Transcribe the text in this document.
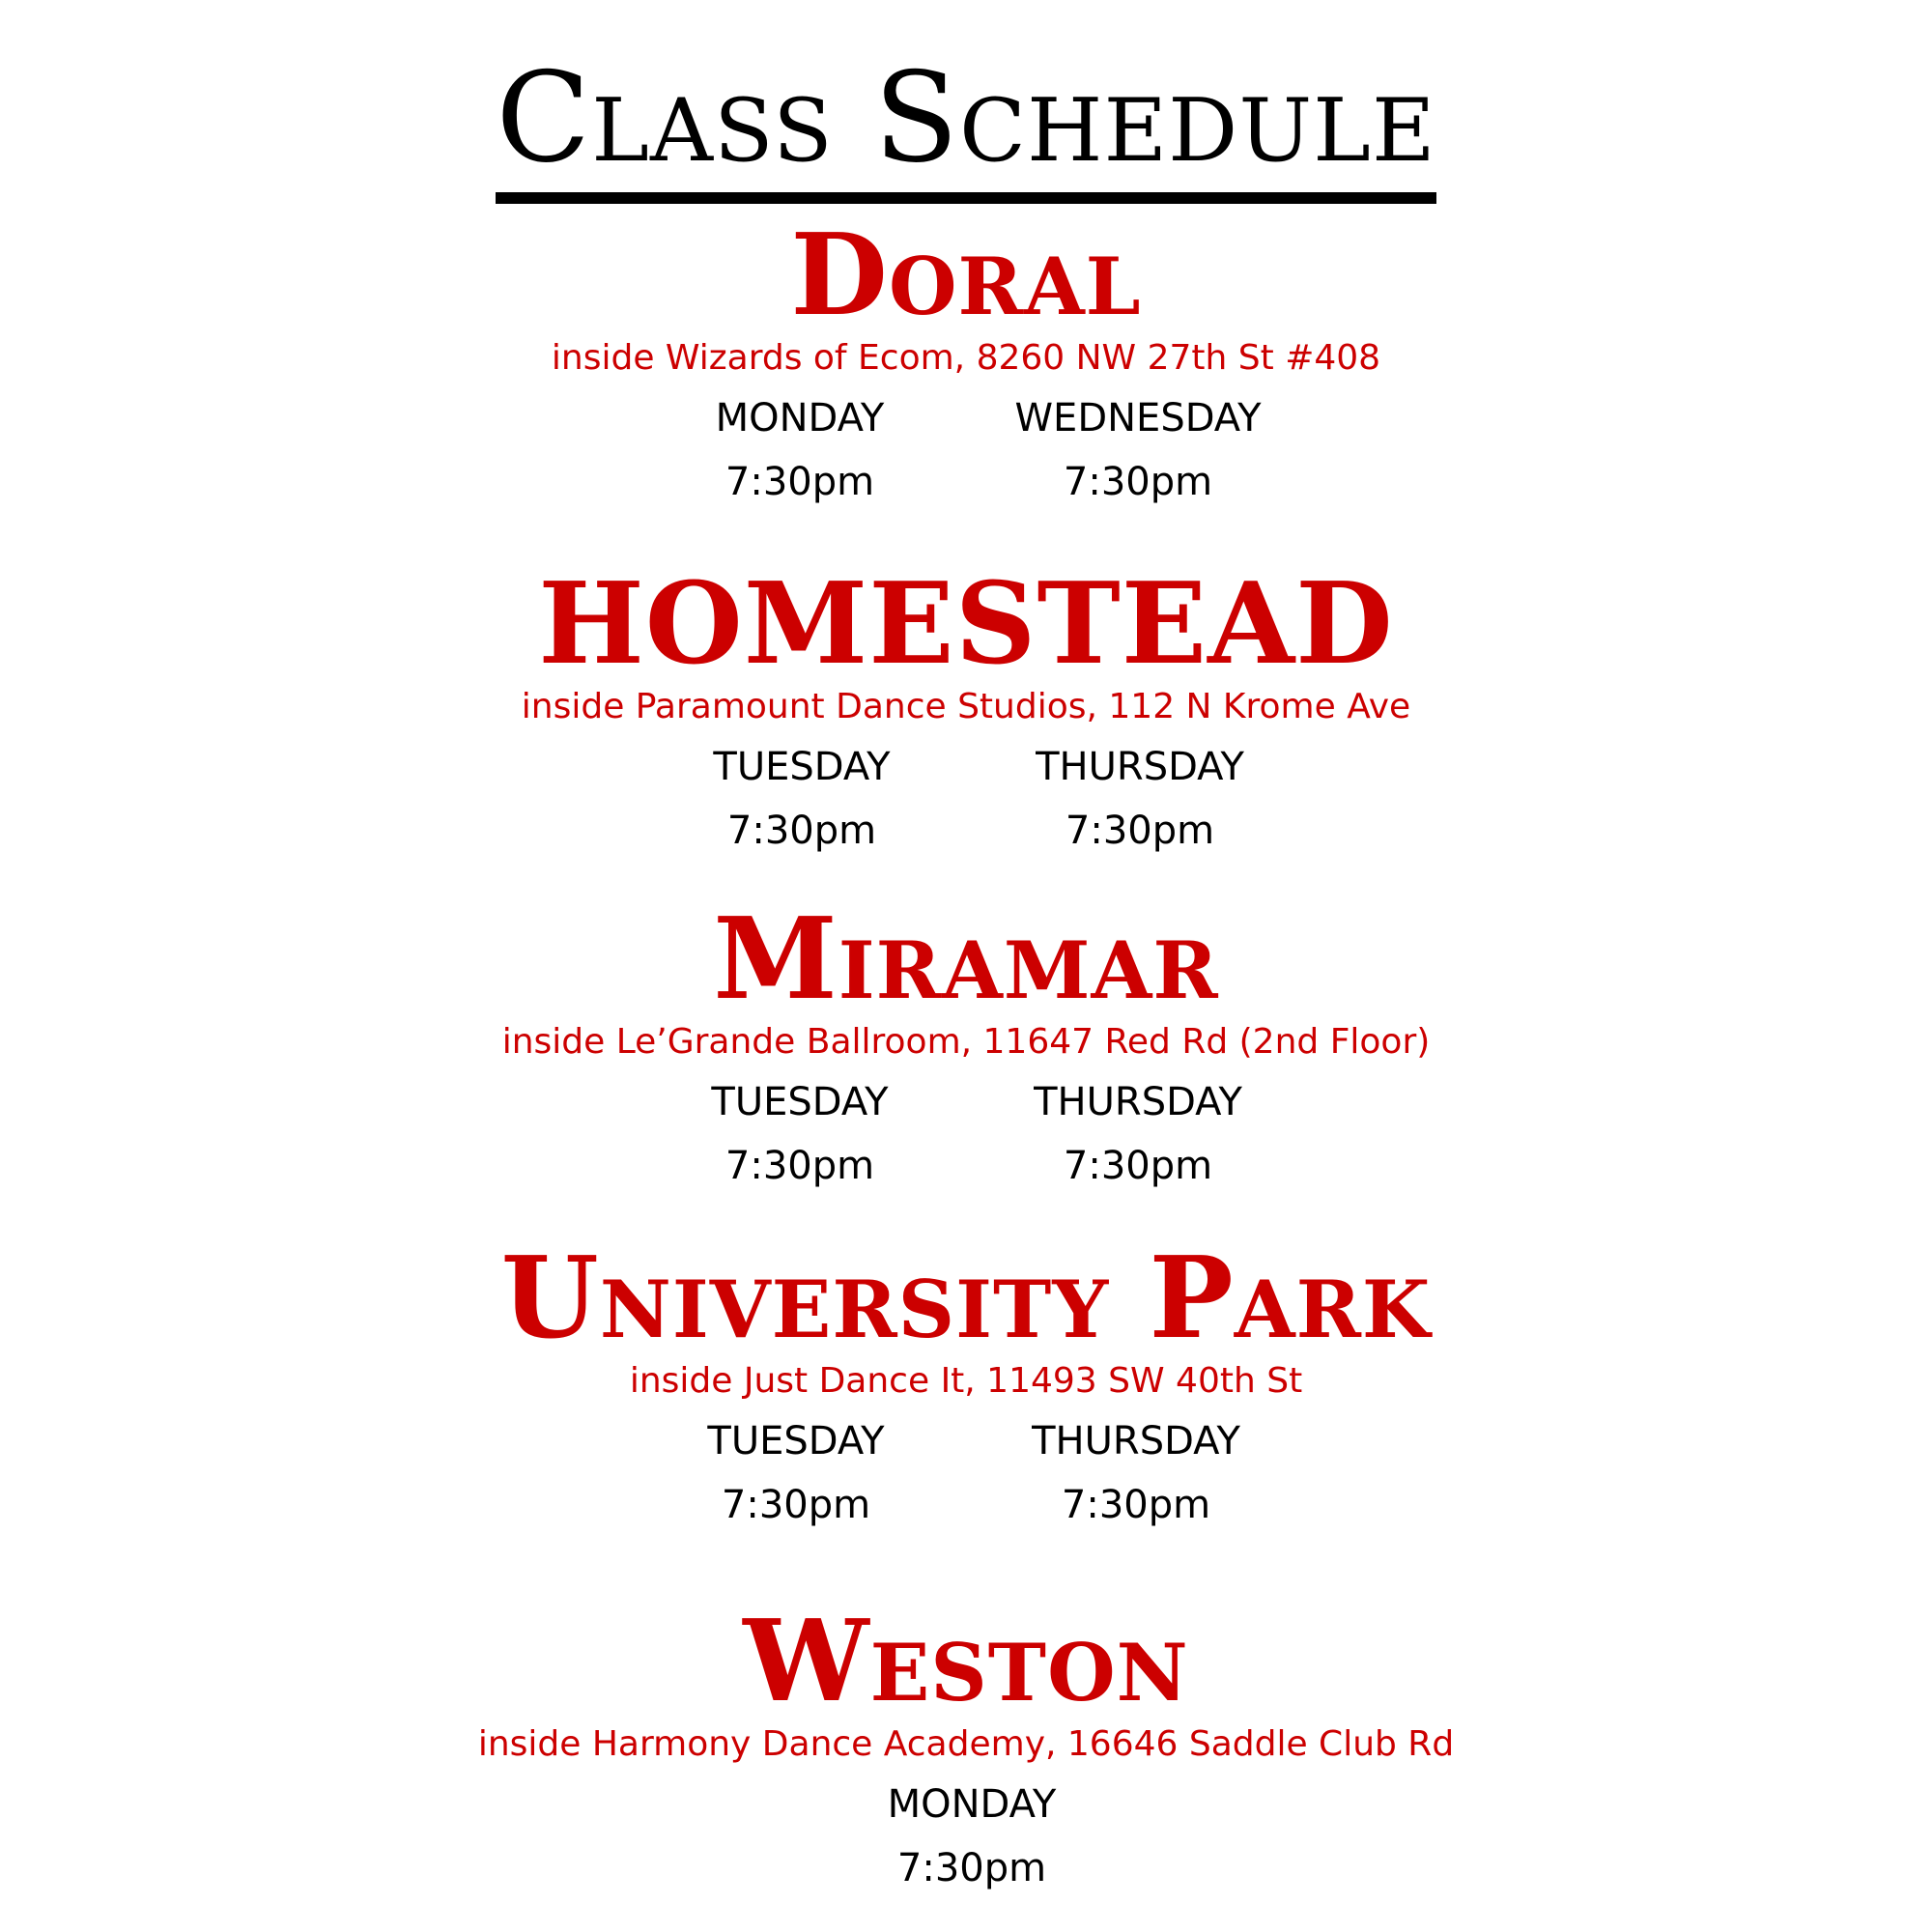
Class Schedule
Doral
inside Wizards of Ecom, 8260 NW 27th St #408
MONDAY
7:30pm
WEDNESDAY
7:30pm
HOMESTEAD
inside Paramount Dance Studios, 112 N Krome Ave
TUESDAY
7:30pm
THURSDAY
7:30pm
Miramar
inside Le’Grande Ballroom, 11647 Red Rd (2nd Floor)
TUESDAY
7:30pm
THURSDAY
7:30pm
University Park
inside Just Dance It, 11493 SW 40th St
TUESDAY
7:30pm
THURSDAY
7:30pm
Weston
inside Harmony Dance Academy, 16646 Saddle Club Rd
MONDAY
7:30pm
